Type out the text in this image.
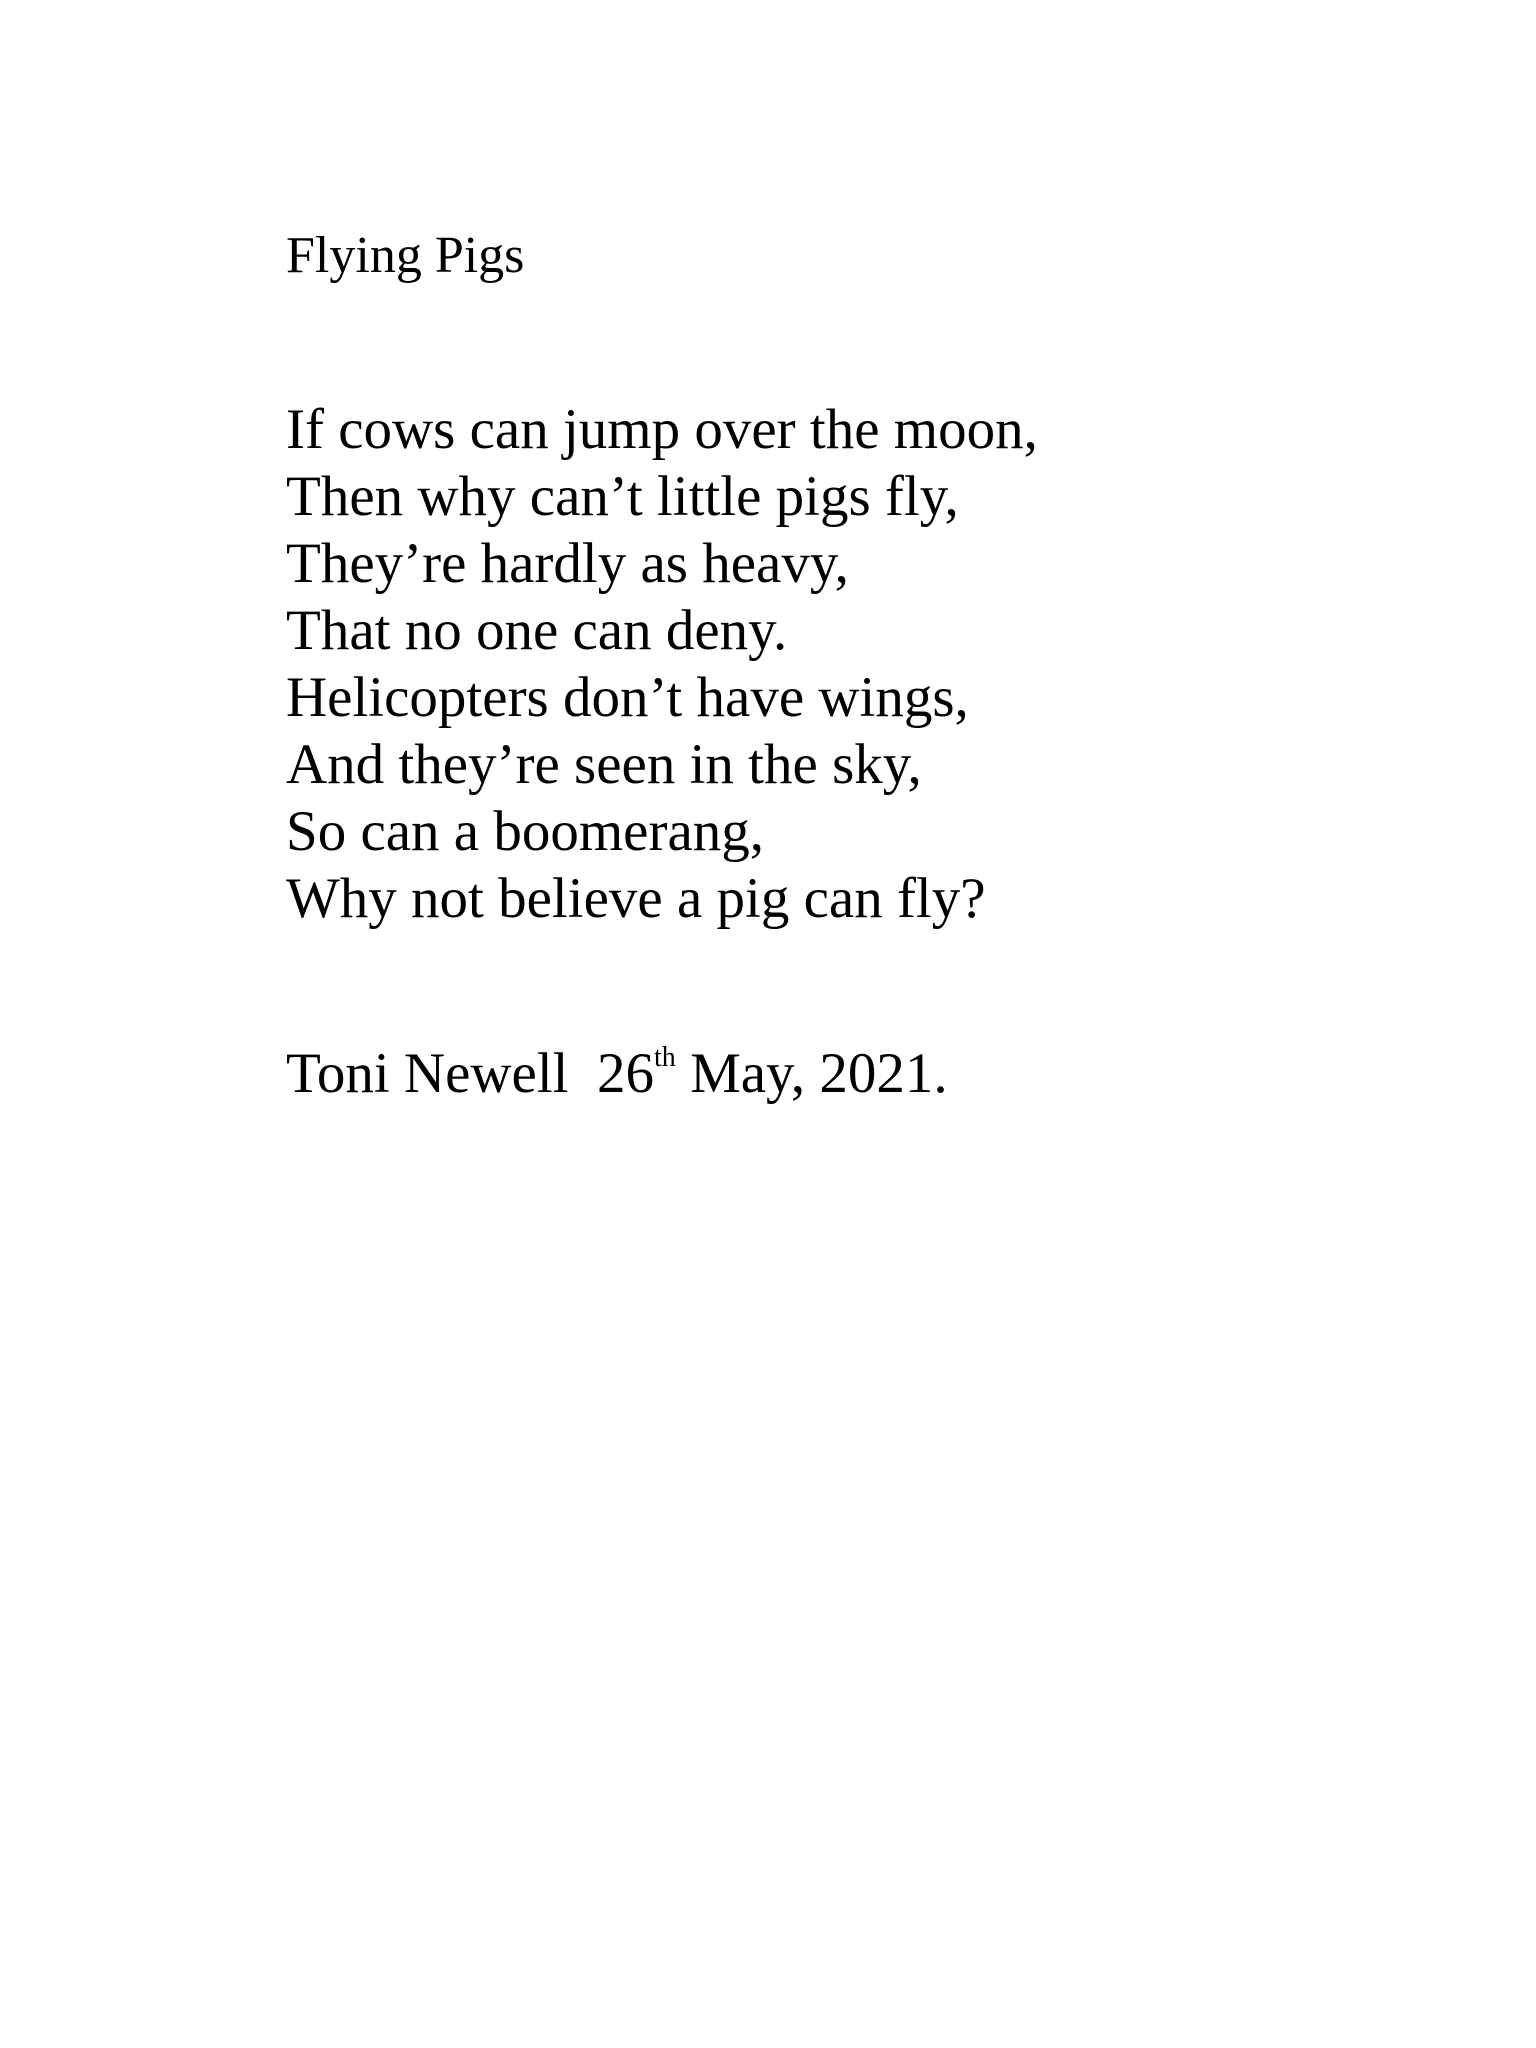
Flying Pigs
If cows can jump over the moon,
Then why can’t little pigs fly,
They’re hardly as heavy,
That no one can deny.
Helicopters don’t have wings,
And they’re seen in the sky,
So can a boomerang,
Why not believe a pig can fly?
Toni Newell 26th May, 2021.
